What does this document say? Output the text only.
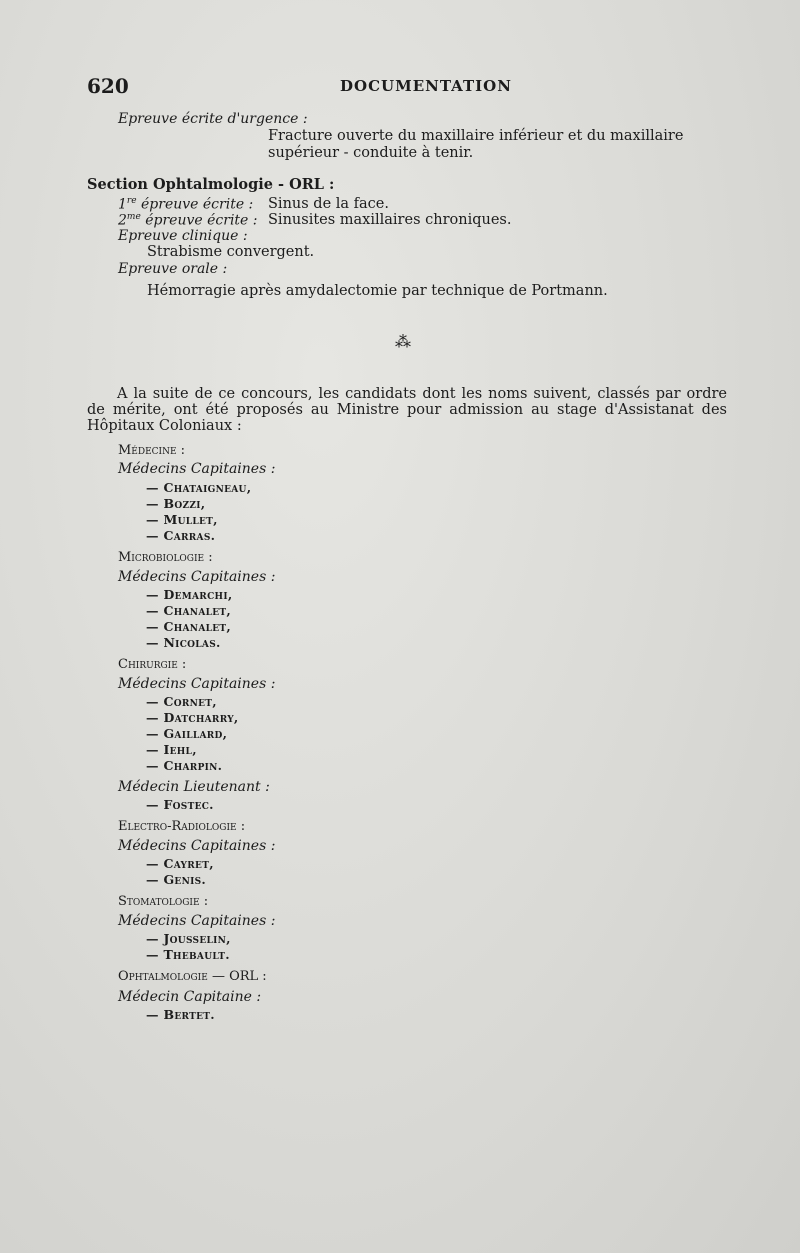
620	DOCUMENTATION
Epreuve écrite d'urgence :
Fracture ouverte du maxillaire inférieur et du maxillaire
supérieur - conduite à tenir.
Section Ophtalmologie - ORL :
1re épreuve écrite : Sinus de la face.
$2^{me}$ épreuve écrite : Sinusites maxillaires chroniques.
Epreuve clinique :
Strabisme convergent.
Epreuve orale :
Hémorragie après amydalectomie par technique de Portmann.
⁂
A la suite de ce concours, les candidats dont les noms suivent, classés par ordre de mérite, ont été proposés au Ministre pour admission au stage d'Assistanat des Hôpitaux Coloniaux :
Médecine :
Médecins Capitaines :
— Chataigneau,
— Bozzi,
— Mullet,
— Carras.
Microbiologie :
Médecins Capitaines :
— Demarchi,
— Chanalet,
— Chanalet,
— Nicolas.
Chirurgie :
Médecins Capitaines :
— Cornet,
— Datcharry,
— Gaillard,
— Iehl,
— Charpin.
Médecin Lieutenant :
— Fostec.
Electro-Radiologie :
Médecins Capitaines :
— Cayret,
— Genis.
Stomatologie :
Médecins Capitaines :
— Jousselin,
— Thebault.
Ophtalmologie — ORL :
Médecin Capitaine :
— Bertet.
